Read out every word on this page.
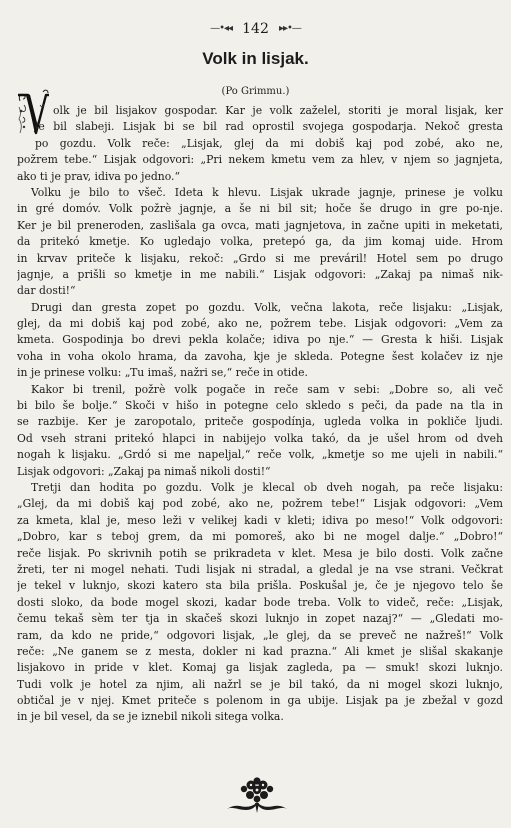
—•◂◂ 142 ▸▸•—
Volk in lisjak.
(Po Grimmu.)
olk je bil lisjakov gospodar. Kar je volk zaželel, storiti je moral lisjak, ker
je bil slabeji. Lisjak bi se bil rad oprostil svojega gospodarja. Nekoč gresta
po gozdu. Volk reče: „Lisjak, glej da mi dobiš kaj pod zobé, ako ne,
požrem tebe.“ Lisjak odgovori: „Pri nekem kmetu vem za hlev, v njem so jagnjeta,
ako ti je prav, idiva po jedno.“
Volku je bilo to všeč. Ideta k hlevu. Lisjak ukrade jagnje, prinese je volku
in gré domóv. Volk požrè jagnje, a še ni bil sit; hoče še drugo in gre po-nje.
Ker je bil preneroden, zaslišala ga ovca, mati jagnjetova, in začne upiti in meketati,
da pritekó kmetje. Ko ugledajo volka, pretepó ga, da jim komaj uide. Hrom
in krvav priteče k lisjaku, rekoč: „Grdo si me preváril! Hotel sem po drugo
jagnje, a prišli so kmetje in me nabili.“ Lisjak odgovori: „Zakaj pa nimaš nik-
dar dosti!“
Drugi dan gresta zopet po gozdu. Volk, večna lakota, reče lisjaku: „Lisjak,
glej, da mi dobiš kaj pod zobé, ako ne, požrem tebe. Lisjak odgovori: „Vem za
kmeta. Gospodinja bo drevi pekla kolače; idiva po nje.“ — Gresta k hiši. Lisjak
voha in voha okolo hrama, da zavoha, kje je skleda. Potegne šest kolačev iz nje
in je prinese volku: „Tu imaš, nažri se,“ reče in otide.
Kakor bi trenil, požrè volk pogače in reče sam v sebi: „Dobre so, ali več
bi bilo še bolje.“ Skoči v hišo in potegne celo skledo s peči, da pade na tla in
se razbije. Ker je zaropotalo, priteče gospodínja, ugleda volka in pokliče ljudi.
Od vseh strani pritekó hlapci in nabijejo volka takó, da je ušel hrom od dveh
nogah k lisjaku. „Grdó si me napeljal,“ reče volk, „kmetje so me ujeli in nabili.“
Lisjak odgovori: „Zakaj pa nimaš nikoli dosti!“
Tretji dan hodita po gozdu. Volk je klecal ob dveh nogah, pa reče lisjaku:
„Glej, da mi dobiš kaj pod zobé, ako ne, požrem tebe!“ Lisjak odgovori: „Vem
za kmeta, klal je, meso leži v velikej kadi v kleti; idiva po meso!“ Volk odgovori:
„Dobro, kar s teboj grem, da mi pomoreš, ako bi ne mogel dalje.“ „Dobro!“
reče lisjak. Po skrivnih potih se prikradeta v klet. Mesa je bilo dosti. Volk začne
žreti, ter ni mogel nehati. Tudi lisjak ni stradal, a gledal je na vse strani. Večkrat
je tekel v luknjo, skozi katero sta bila prišla. Poskušal je, če je njegovo telo še
dosti sloko, da bode mogel skozi, kadar bode treba. Volk to videč, reče: „Lisjak,
čemu tekaš sèm ter tja in skačeš skozi luknjo in zopet nazaj?“ — „Gledati mo-
ram, da kdo ne pride,“ odgovori lisjak, „le glej, da se preveč ne nažreš!“ Volk
reče: „Ne ganem se z mesta, dokler ni kad prazna.“ Ali kmet je slišal skakanje
lisjakovo in pride v klet. Komaj ga lisjak zagleda, pa — smuk! skozi luknjo.
Tudi volk je hotel za njim, ali nažrl se je bil takó, da ni mogel skozi luknjo,
obtičal je v njej. Kmet priteče s polenom in ga ubije. Lisjak pa je zbežal v gozd
in je bil vesel, da se je iznebil nikoli sitega volka.
